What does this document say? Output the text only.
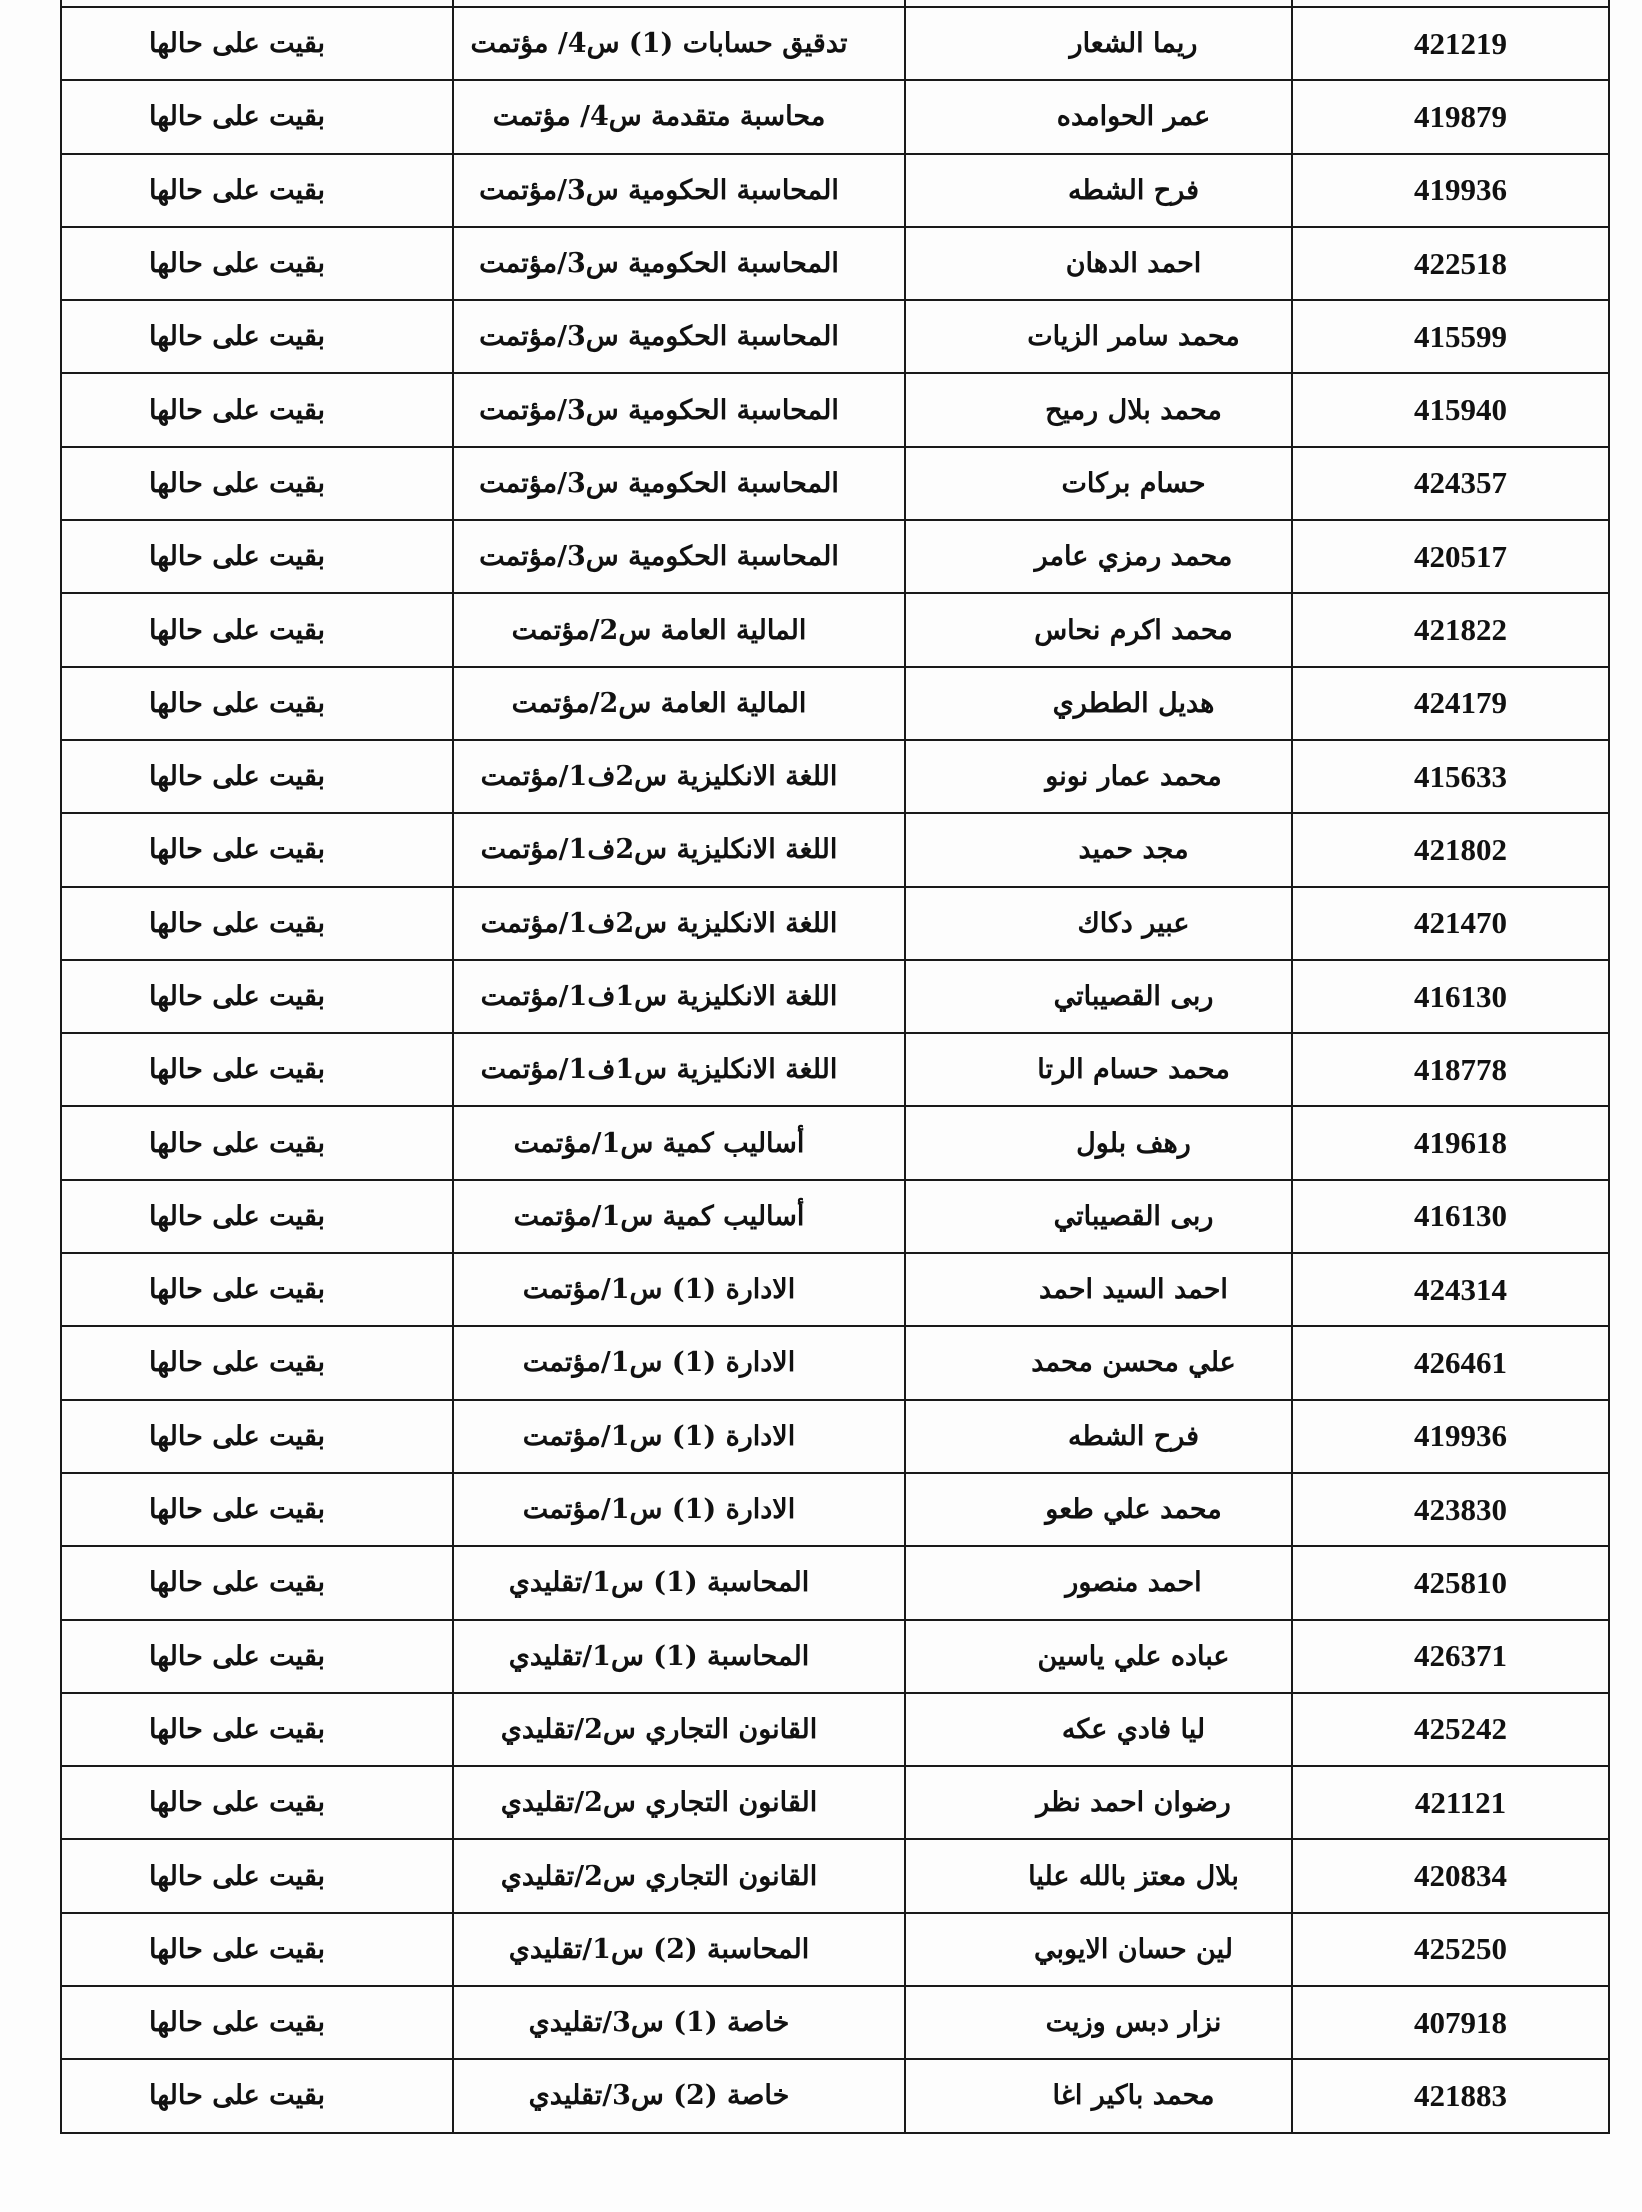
بقيت على حالها	تدقيق حسابات (1) س4/ مؤتمت	ريما الشعار	421219
بقيت على حالها	محاسبة متقدمة س4/ مؤتمت	عمر الحوامده	419879
بقيت على حالها	المحاسبة الحكومية س3/مؤتمت	فرح الشطه	419936
بقيت على حالها	المحاسبة الحكومية س3/مؤتمت	احمد الدهان	422518
بقيت على حالها	المحاسبة الحكومية س3/مؤتمت	محمد سامر الزيات	415599
بقيت على حالها	المحاسبة الحكومية س3/مؤتمت	محمد بلال رميح	415940
بقيت على حالها	المحاسبة الحكومية س3/مؤتمت	حسام بركات	424357
بقيت على حالها	المحاسبة الحكومية س3/مؤتمت	محمد رمزي عامر	420517
بقيت على حالها	المالية العامة س2/مؤتمت	محمد اكرم نحاس	421822
بقيت على حالها	المالية العامة س2/مؤتمت	هديل الططري	424179
بقيت على حالها	اللغة الانكليزية س2ف1/مؤتمت	محمد عمار نونو	415633
بقيت على حالها	اللغة الانكليزية س2ف1/مؤتمت	مجد حميد	421802
بقيت على حالها	اللغة الانكليزية س2ف1/مؤتمت	عبير دكاك	421470
بقيت على حالها	اللغة الانكليزية س1ف1/مؤتمت	ربى القصيباتي	416130
بقيت على حالها	اللغة الانكليزية س1ف1/مؤتمت	محمد حسام الرتا	418778
بقيت على حالها	أساليب كمية س1/مؤتمت	رهف بلول	419618
بقيت على حالها	أساليب كمية س1/مؤتمت	ربى القصيباتي	416130
بقيت على حالها	الادارة (1) س1/مؤتمت	احمد السيد احمد	424314
بقيت على حالها	الادارة (1) س1/مؤتمت	علي محسن محمد	426461
بقيت على حالها	الادارة (1) س1/مؤتمت	فرح الشطه	419936
بقيت على حالها	الادارة (1) س1/مؤتمت	محمد علي طعو	423830
بقيت على حالها	المحاسبة (1) س1/تقليدي	احمد منصور	425810
بقيت على حالها	المحاسبة (1) س1/تقليدي	عباده علي ياسين	426371
بقيت على حالها	القانون التجاري س2/تقليدي	ليا فادي عكه	425242
بقيت على حالها	القانون التجاري س2/تقليدي	رضوان احمد نظر	421121
بقيت على حالها	القانون التجاري س2/تقليدي	بلال معتز بالله عليا	420834
بقيت على حالها	المحاسبة (2) س1/تقليدي	لين حسان الايوبي	425250
بقيت على حالها	خاصة (1) س3/تقليدي	نزار دبس وزيت	407918
بقيت على حالها	خاصة (2) س3/تقليدي	محمد باكير اغا	421883
